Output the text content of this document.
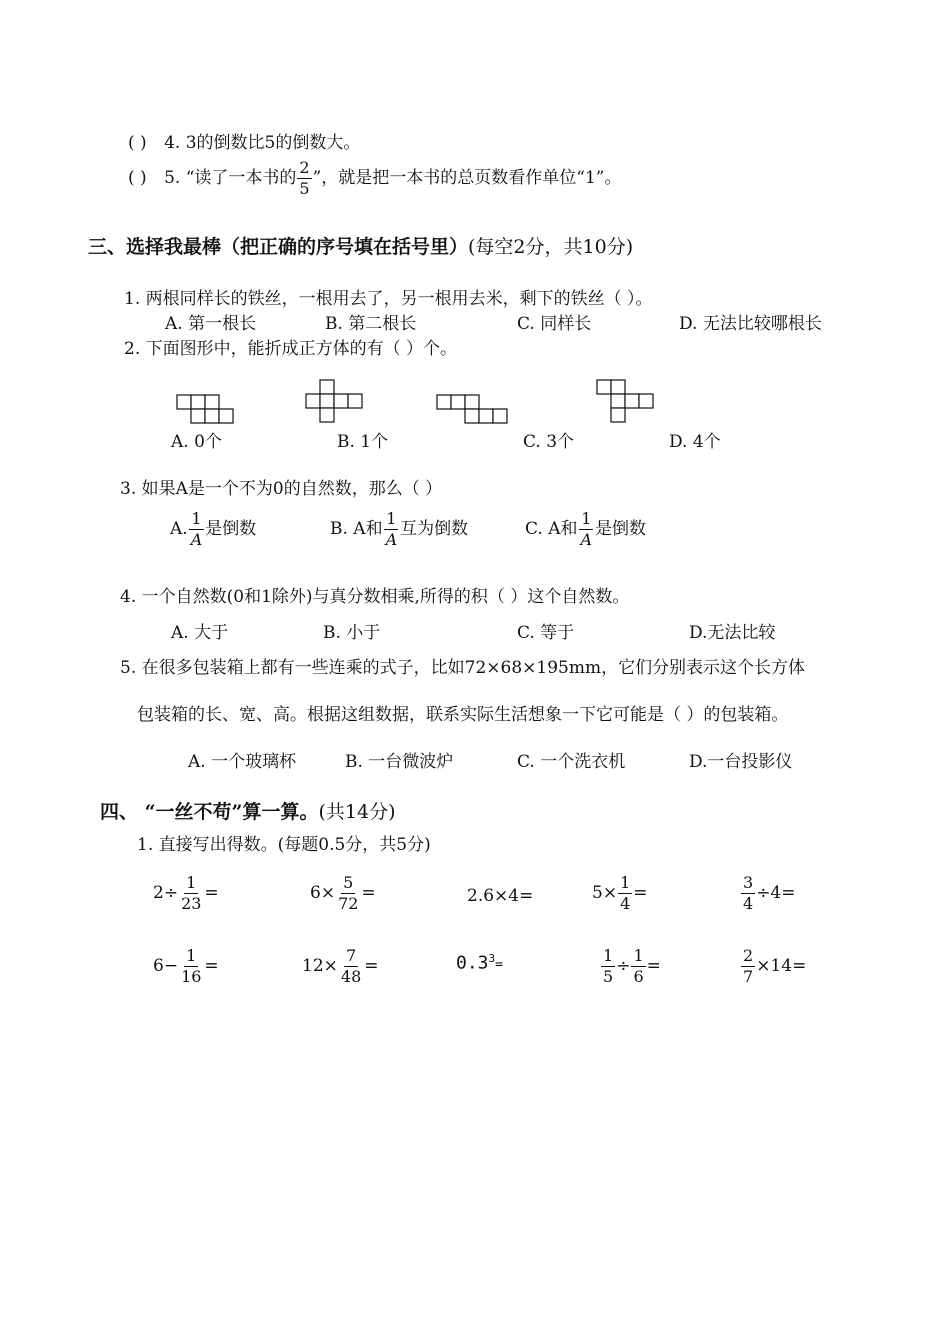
( ) 4. 3的倒数比5的倒数大。
( ) 5. “读了一本书的 $\frac{2}{5}$ ”，就是把一本书的总页数看作单位“1”。
三、选择我最棒（把正确的序号填在括号里）(每空2分，共10分)
1. 两根同样长的铁丝，一根用去了，另一根用去米，剩下的铁丝（ ）。
A. 第一根长	B. 第二根长	C. 同样长	D. 无法比较哪根长
2. 下面图形中，能折成正方体的有（ ）个。
A. 0个	B. 1个	C. 3个	D. 4个
3. 如果A是一个不为0的自然数，那么（ ）
A. $\frac{1}{A}$ 是倒数	B. A和 $\frac{1}{A}$ 互为倒数	C. A和 $\frac{1}{A}$ 是倒数
4. 一个自然数(0和1除外)与真分数相乘,所得的积（ ）这个自然数。
A. 大于	B. 小于	C. 等于	D.无法比较
5. 在很多包装箱上都有一些连乘的式子，比如72×68×195mm，它们分别表示这个长方体
包装箱的长、宽、高。根据这组数据，联系实际生活想象一下它可能是（ ）的包装箱。
A. 一个玻璃杯	B. 一台微波炉	C. 一个洗衣机	D.一台投影仪
四、 “一丝不苟”算一算。(共14分)
1. 直接写出得数。(每题0.5分，共5分)
$2\div \frac{1}{23}$ =	$6\times \frac{5}{72}$ =	2.6×4=	$5\times \frac{1}{4}$ =	$\frac{3}{4} \div 4=$
$6- \frac{1}{16}$ =	$12\times \frac{7}{48}$ =	$0.3^3=$	$\frac{1}{5} \div \frac{1}{6}$ =	$\frac{2}{7} \times 14=$
